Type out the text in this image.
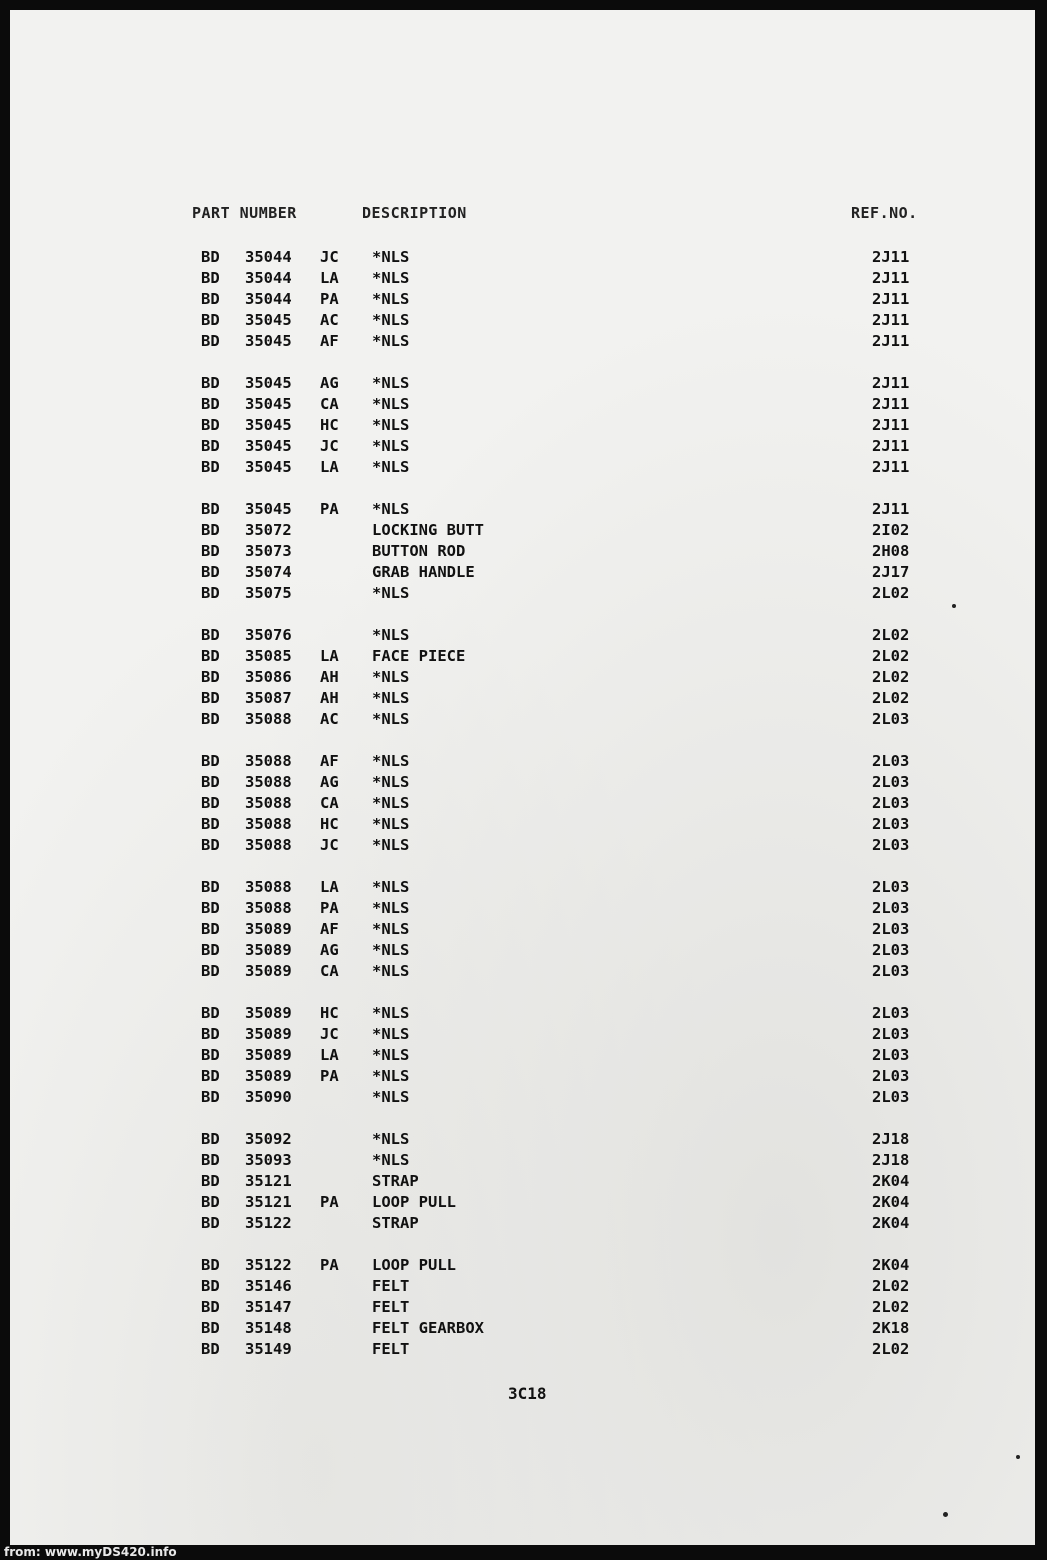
PART NUMBER	DESCRIPTION	REF.NO.
BD 35044 JC *NLS	2J11
BD 35044 LA *NLS	2J11
BD 35044 PA *NLS	2J11
BD 35045 AC *NLS	2J11
BD 35045 AF *NLS	2J11
BD 35045 AG *NLS	2J11
BD 35045 CA *NLS	2J11
BD 35045 HC *NLS	2J11
BD 35045 JC *NLS	2J11
BD 35045 LA *NLS	2J11
BD 35045 PA *NLS	2J11
BD 35072	LOCKING BUTT	2I02
BD 35073	BUTTON ROD	2H08
BD 35074	GRAB HANDLE	2J17
BD 35075	*NLS	2L02
BD 35076	*NLS	2L02
BD 35085 LA FACE PIECE	2L02
BD 35086 AH *NLS	2L02
BD 35087 AH *NLS	2L02
BD 35088 AC *NLS	2L03
BD 35088 AF *NLS	2L03
BD 35088 AG *NLS	2L03
BD 35088 CA *NLS	2L03
BD 35088 HC *NLS	2L03
BD 35088 JC *NLS	2L03
BD 35088 LA *NLS	2L03
BD 35088 PA *NLS	2L03
BD 35089 AF *NLS	2L03
BD 35089 AG *NLS	2L03
BD 35089 CA *NLS	2L03
BD 35089 HC *NLS	2L03
BD 35089 JC *NLS	2L03
BD 35089 LA *NLS	2L03
BD 35089 PA *NLS	2L03
BD 35090	*NLS	2L03
BD 35092	*NLS	2J18
BD 35093	*NLS	2J18
BD 35121	STRAP	2K04
BD 35121 PA LOOP PULL	2K04
BD 35122	STRAP	2K04
BD 35122 PA LOOP PULL	2K04
BD 35146	FELT	2L02
BD 35147	FELT	2L02
BD 35148	FELT GEARBOX	2K18
BD 35149	FELT	2L02
3C18
from: www.myDS420.info
